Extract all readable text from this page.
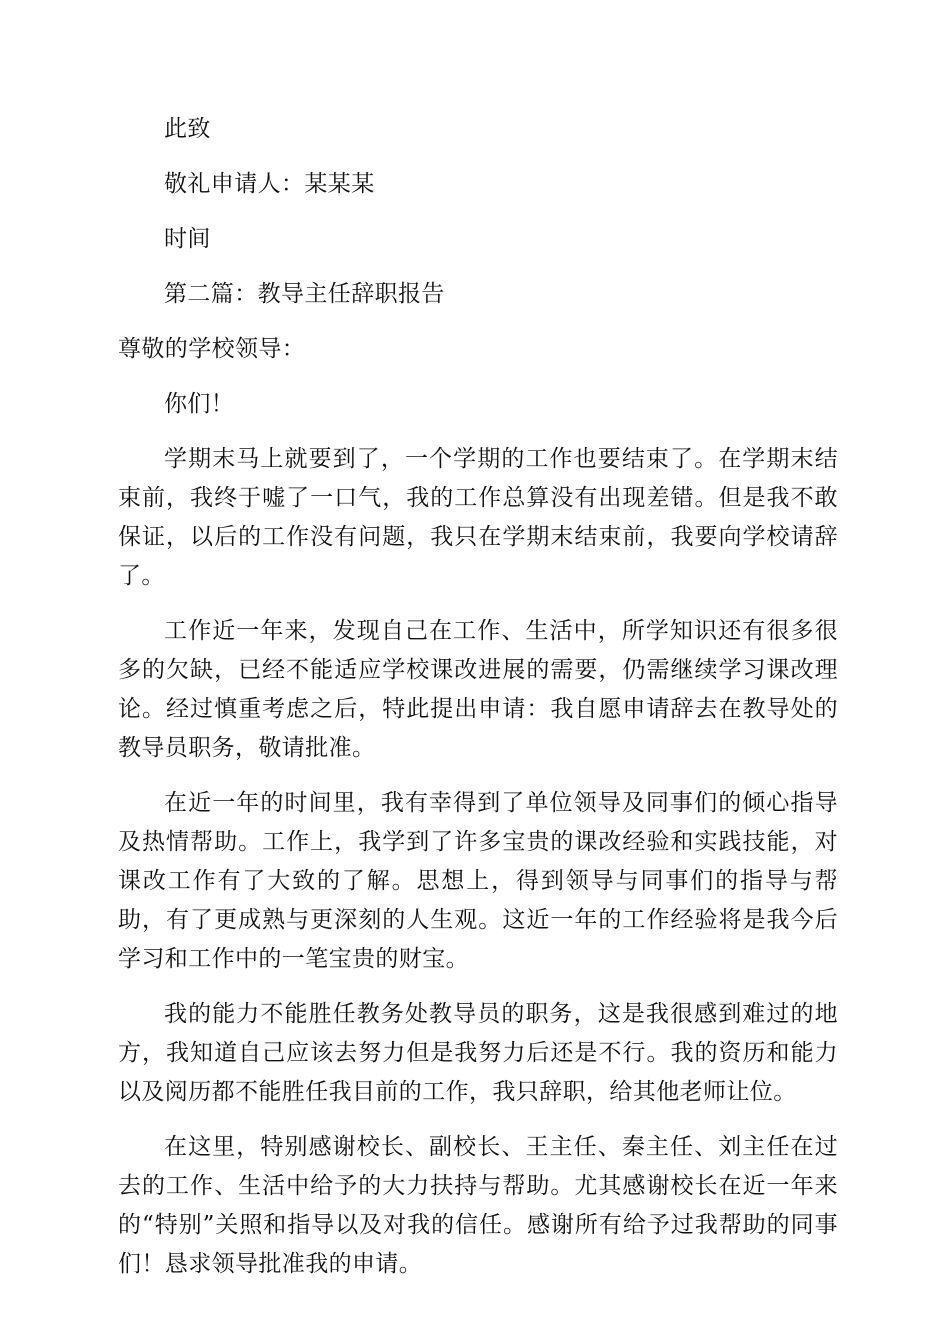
此致

敬礼申请人：某某某

时间

第二篇：教导主任辞职报告

尊敬的学校领导：

你们！

学期末马上就要到了，一个学期的工作也要结束了。在学期末结束前，我终于嘘了一口气，我的工作总算没有出现差错。但是我不敢保证，以后的工作没有问题，我只在学期末结束前，我要向学校请辞了。

工作近一年来，发现自己在工作、生活中，所学知识还有很多很多的欠缺，已经不能适应学校课改进展的需要，仍需继续学习课改理论。经过慎重考虑之后，特此提出申请：我自愿申请辞去在教导处的教导员职务，敬请批准。

在近一年的时间里，我有幸得到了单位领导及同事们的倾心指导及热情帮助。工作上，我学到了许多宝贵的课改经验和实践技能，对课改工作有了大致的了解。思想上，得到领导与同事们的指导与帮助，有了更成熟与更深刻的人生观。这近一年的工作经验将是我今后学习和工作中的一笔宝贵的财宝。

我的能力不能胜任教务处教导员的职务，这是我很感到难过的地方，我知道自己应该去努力但是我努力后还是不行。我的资历和能力以及阅历都不能胜任我目前的工作，我只辞职，给其他老师让位。

在这里，特别感谢校长、副校长、王主任、秦主任、刘主任在过去的工作、生活中给予的大力扶持与帮助。尤其感谢校长在近一年来的“特别”关照和指导以及对我的信任。感谢所有给予过我帮助的同事们！恳求领导批准我的申请。
